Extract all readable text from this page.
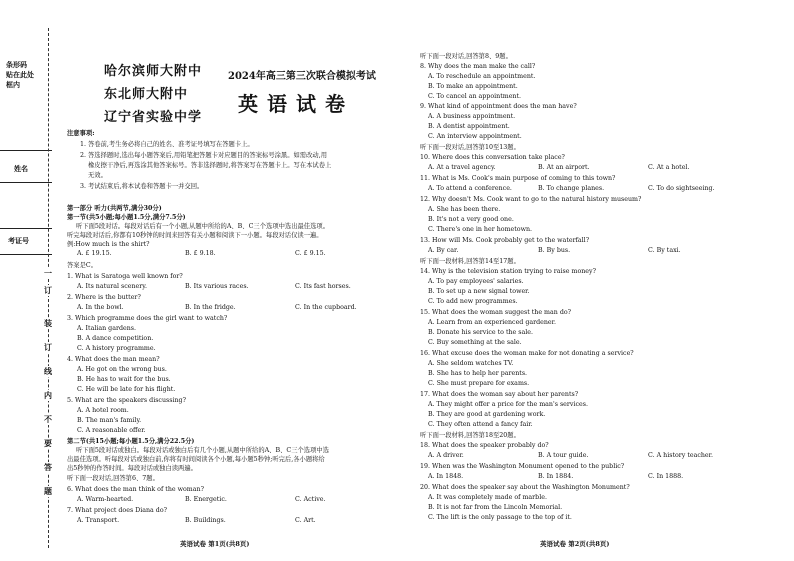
条形码
贴在此处
框内
姓名
考证号
一
订
装
订
线
内
不
要
答
题
哈尔滨师大附中
东北师大附中
辽宁省实验中学
2024年高三第三次联合模拟考试
英语试卷
注意事项:
1. 答卷前,考生务必将自己的姓名、准考证号填写在答题卡上。
2. 答选择题时,选出每小题答案后,用铅笔把答题卡对应题目的答案标号涂黑。如需改动,用
橡皮擦干净后,再选涂其他答案标号。答非选择题时,将答案写在答题卡上。写在本试卷上
无效。
3. 考试结束后,将本试卷和答题卡一并交回。
第一部分 听力(共两节,满分30分)
第一节(共5小题;每小题1.5分,满分7.5分)
听下面5段对话。每段对话后有一个小题,从题中所给的A、B、C三个选项中选出最佳选项。
听完每段对话后,你都有10秒钟的时间来回答有关小题和阅读下一小题。每段对话仅读一遍。
例:How much is the shirt?
A. £ 19.15.	B. £ 9.18.	C. £ 9.15.
答案是C。
1. What is Saratoga well known for?
A. Its natural scenery.	B. Its various races.	C. Its fast horses.
2. Where is the butter?
A. In the bowl.	B. In the fridge.	C. In the cupboard.
3. Which programme does the girl want to watch?
A. Italian gardens.
B. A dance competition.
C. A history programme.
4. What does the man mean?
A. He got on the wrong bus.
B. He has to wait for the bus.
C. He will be late for his flight.
5. What are the speakers discussing?
A. A hotel room.
B. The man's family.
C. A reasonable offer.
第二节(共15小题;每小题1.5分,满分22.5分)
听下面5段对话或独白。每段对话或独白后有几个小题,从题中所给的A、B、C三个选项中选
出最佳选项。听每段对话或独白前,你将有时间阅读各个小题,每小题5秒钟;听完后,各小题将给
出5秒钟的作答时间。每段对话或独白读两遍。
听下面一段对话,回答第6、7题。
6. What does the man think of the woman?
A. Warm-hearted.	B. Energetic.	C. Active.
7. What project does Diana do?
A. Transport.	B. Buildings.	C. Art.
英语试卷 第1页(共8页)
听下面一段对话,回答第8、9题。
8. Why does the man make the call?
A. To reschedule an appointment.
B. To make an appointment.
C. To cancel an appointment.
9. What kind of appointment does the man have?
A. A business appointment.
B. A dentist appointment.
C. An interview appointment.
听下面一段对话,回答第10至13题。
10. Where does this conversation take place?
A. At a travel agency.	B. At an airport.	C. At a hotel.
11. What is Ms. Cook's main purpose of coming to this town?
A. To attend a conference.	B. To change planes.	C. To do sightseeing.
12. Why doesn't Ms. Cook want to go to the natural history museum?
A. She has been there.
B. It's not a very good one.
C. There's one in her hometown.
13. How will Ms. Cook probably get to the waterfall?
A. By car.	B. By bus.	C. By taxi.
听下面一段材料,回答第14至17题。
14. Why is the television station trying to raise money?
A. To pay employees' salaries.
B. To set up a new signal tower.
C. To add new programmes.
15. What does the woman suggest the man do?
A. Learn from an experienced gardener.
B. Donate his service to the sale.
C. Buy something at the sale.
16. What excuse does the woman make for not donating a service?
A. She seldom watches TV.
B. She has to help her parents.
C. She must prepare for exams.
17. What does the woman say about her parents?
A. They might offer a price for the man's services.
B. They are good at gardening work.
C. They often attend a fancy fair.
听下面一段材料,回答第18至20题。
18. What does the speaker probably do?
A. A driver.	B. A tour guide.	C. A history teacher.
19. When was the Washington Monument opened to the public?
A. In 1848.	B. In 1884.	C. In 1888.
20. What does the speaker say about the Washington Monument?
A. It was completely made of marble.
B. It is not far from the Lincoln Memorial.
C. The lift is the only passage to the top of it.
英语试卷 第2页(共8页)
